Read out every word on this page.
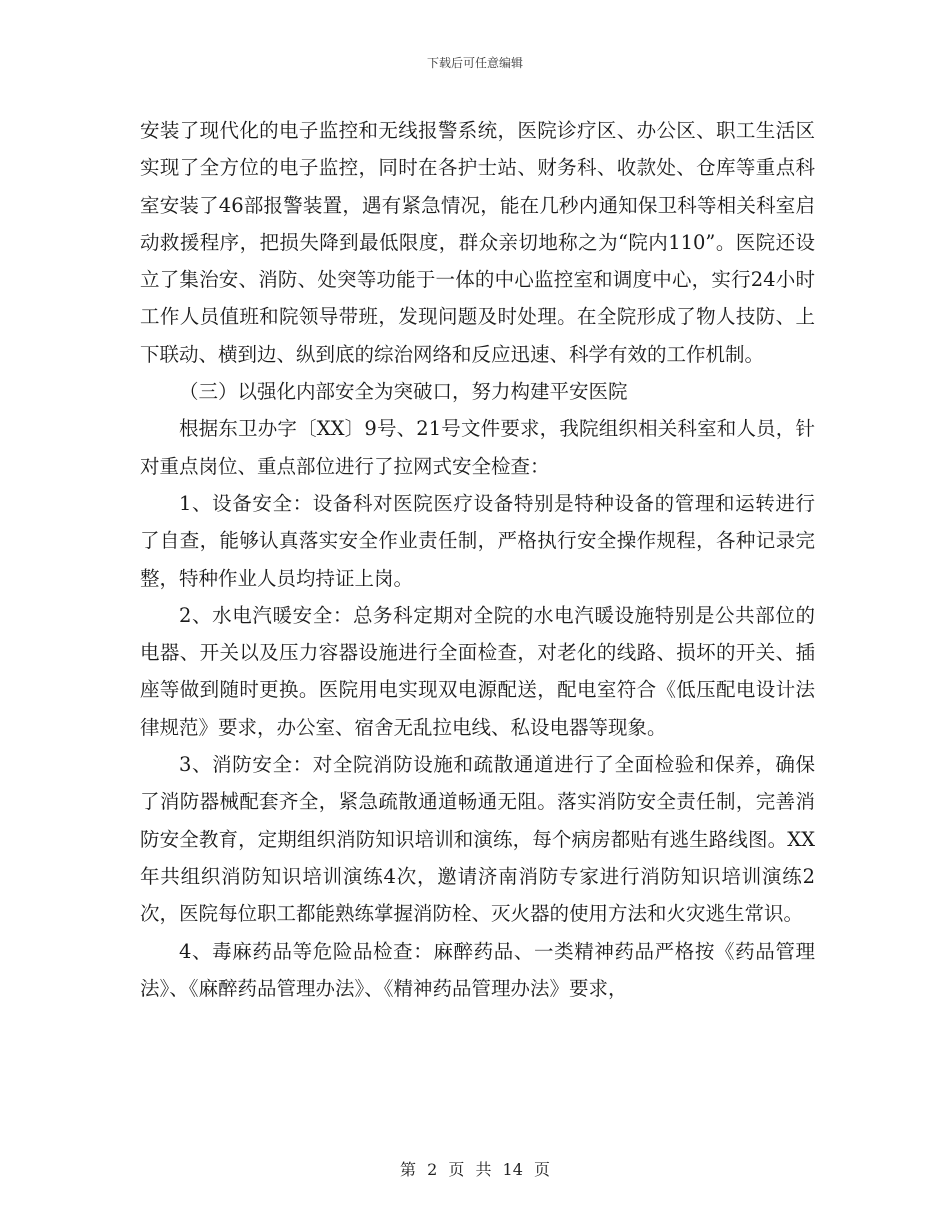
下载后可任意编辑

安装了现代化的电子监控和无线报警系统，医院诊疗区、办公区、职工生活区实现了全方位的电子监控，同时在各护士站、财务科、收款处、仓库等重点科室安装了46部报警装置，遇有紧急情况，能在几秒内通知保卫科等相关科室启动救援程序，把损失降到最低限度，群众亲切地称之为“院内110”。医院还设立了集治安、消防、处突等功能于一体的中心监控室和调度中心，实行24小时工作人员值班和院领导带班，发现问题及时处理。在全院形成了物人技防、上下联动、横到边、纵到底的综治网络和反应迅速、科学有效的工作机制。

（三）以强化内部安全为突破口，努力构建平安医院

根据东卫办字〔XX〕9号、21号文件要求，我院组织相关科室和人员，针对重点岗位、重点部位进行了拉网式安全检查：

1、设备安全：设备科对医院医疗设备特别是特种设备的管理和运转进行了自查，能够认真落实安全作业责任制，严格执行安全操作规程，各种记录完整，特种作业人员均持证上岗。

2、水电汽暖安全：总务科定期对全院的水电汽暖设施特别是公共部位的电器、开关以及压力容器设施进行全面检查，对老化的线路、损坏的开关、插座等做到随时更换。医院用电实现双电源配送，配电室符合《低压配电设计法律规范》要求，办公室、宿舍无乱拉电线、私设电器等现象。

3、消防安全：对全院消防设施和疏散通道进行了全面检验和保养，确保了消防器械配套齐全，紧急疏散通道畅通无阻。落实消防安全责任制，完善消防安全教育，定期组织消防知识培训和演练，每个病房都贴有逃生路线图。XX年共组织消防知识培训演练4次，邀请济南消防专家进行消防知识培训演练2次，医院每位职工都能熟练掌握消防栓、灭火器的使用方法和火灾逃生常识。

4、毒麻药品等危险品检查：麻醉药品、一类精神药品严格按《药品管理法》、《麻醉药品管理办法》、《精神药品管理办法》要求，

第 2 页 共 14 页
